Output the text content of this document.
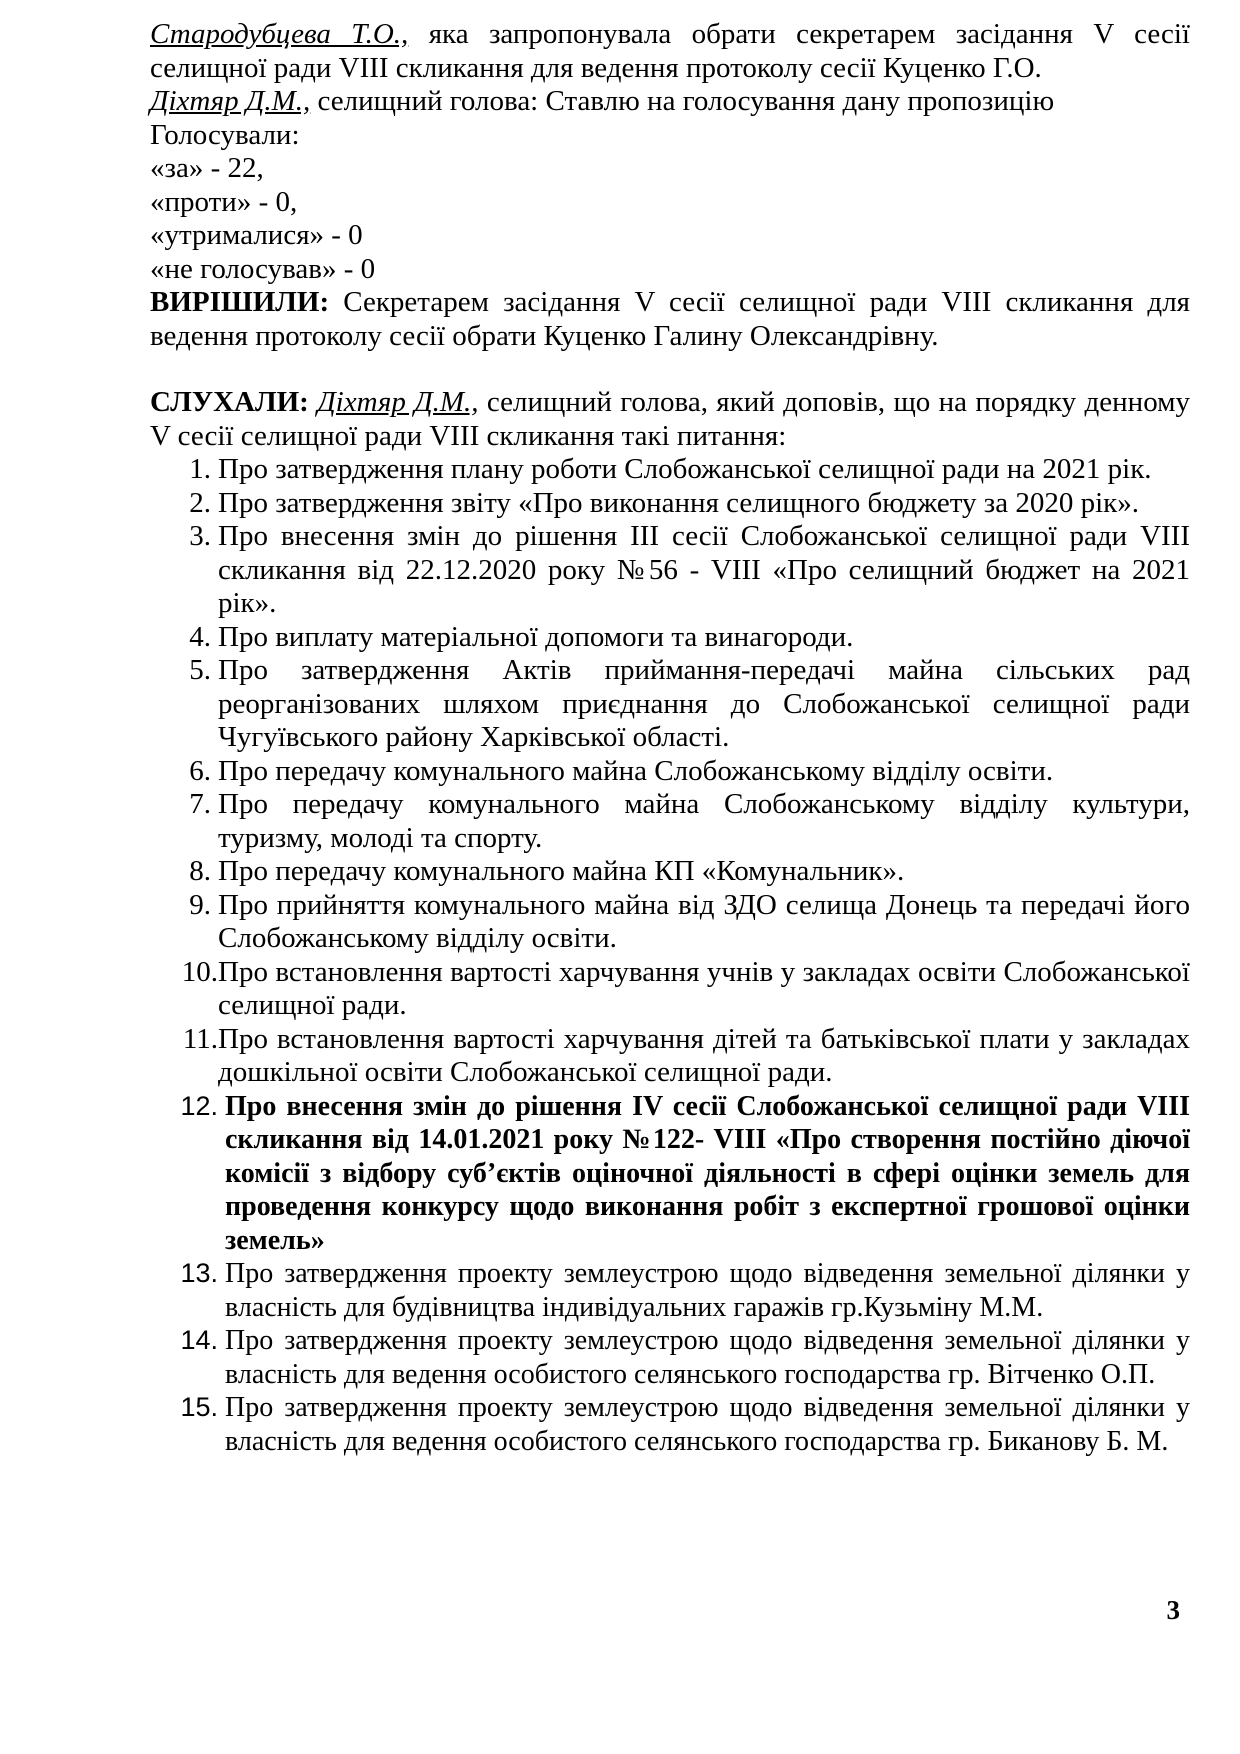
Стародубцева Т.О., яка запропонувала обрати секретарем засідання V сесії селищної ради VIII скликання для ведення протоколу сесії Куценко Г.О.

Діхтяр Д.М., селищний голова: Ставлю на голосування дану пропозицію

Голосували:

«за» - 22,

«проти» - 0,

«утрималися» - 0

«не голосував» - 0

ВИРІШИЛИ: Секретарем засідання V сесії селищної ради VIII скликання для ведення протоколу сесії обрати Куценко Галину Олександрівну.

СЛУХАЛИ: Діхтяр Д.М., селищний голова, який доповів, що на порядку денному V сесії селищної ради VIII скликання такі питання:

1. Про затвердження плану роботи Слобожанської селищної ради на 2021 рік.
2. Про затвердження звіту «Про виконання селищного бюджету за 2020 рік».
3. Про внесення змін до рішення ІІІ сесії Слобожанської селищної ради VIII скликання від 22.12.2020 року №56 - VIII «Про селищний бюджет на 2021 рік».
4. Про виплату матеріальної допомоги та винагороди.
5. Про затвердження Актів приймання-передачі майна сільських рад реорганізованих шляхом приєднання до Слобожанської селищної ради Чугуївського району Харківської області.
6. Про передачу комунального майна Слобожанському відділу освіти.
7. Про передачу комунального майна Слобожанському відділу культури, туризму, молоді та спорту.
8. Про передачу комунального майна КП «Комунальник».
9. Про прийняття комунального майна від ЗДО селища Донець та передачі його Слобожанському відділу освіти.
10. Про встановлення вартості харчування учнів у закладах освіти Слобожанської селищної ради.
11. Про встановлення вартості харчування дітей та батьківської плати у закладах дошкільної освіти Слобожанської селищної ради.
12. Про внесення змін до рішення IV сесії Слобожанської селищної ради VIII скликання від 14.01.2021 року №122- VIII «Про створення постійно діючої комісії з відбору суб’єктів оціночної діяльності в сфері оцінки земель для проведення конкурсу щодо виконання робіт з експертної грошової оцінки земель»
13. Про затвердження проекту землеустрою щодо відведення земельної ділянки у власність для будівництва індивідуальних гаражів гр.Кузьміну М.М.
14. Про затвердження проекту землеустрою щодо відведення земельної ділянки у власність для ведення особистого селянського господарства гр. Вітченко О.П.
15. Про затвердження проекту землеустрою щодо відведення земельної ділянки у власність для ведення особистого селянського господарства гр. Биканову Б. М.
3
